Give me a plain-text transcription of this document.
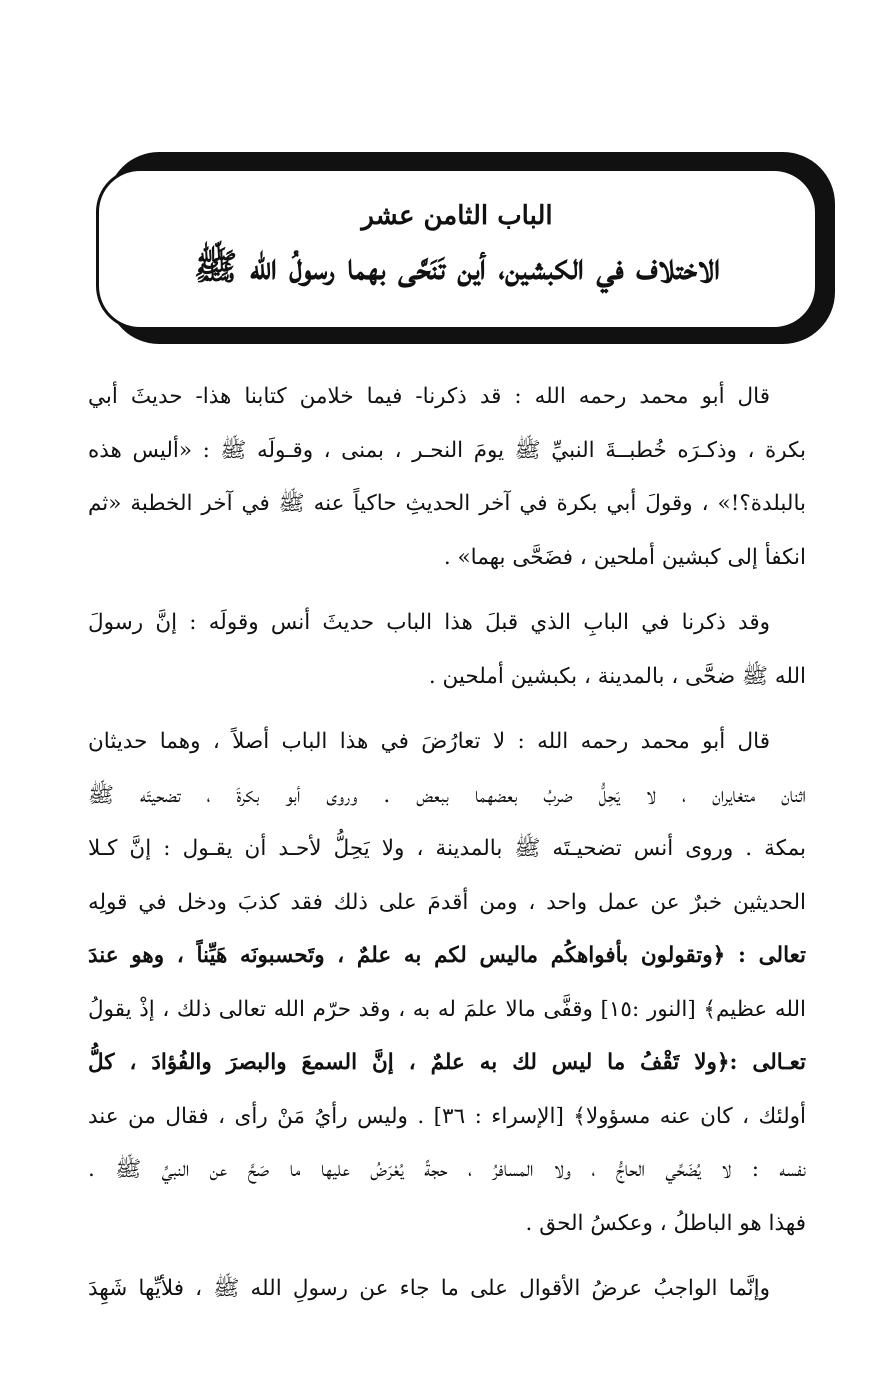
الباب الثامن عشر
الاختلاف في الكبشين، أين تَنَحَّى بهما رسولُ الله ﷺ

قال أبو محمد رحمه الله : قد ذكرنا- فيما خلامن كتابنا هذا- حديثَ أبي
بكرة ، وذكـرَه خُطبــةَ النبيِّ ﷺ يومَ النحـر ، بمنى ، وقـولَه ﷺ : «أليس هذه
بالبلدة؟!» ، وقولَ أبي بكرة في آخر الحديثِ حاكياً عنه ﷺ في آخر الخطبة «ثم
انكفأ إلى كبشين أملحين ، فضَحَّى بهما» .

وقد ذكرنا في البابِ الذي قبلَ هذا الباب حديثَ أنس وقولَه : إنَّ رسولَ
الله ﷺ ضحَّى ، بالمدينة ، بكبشين أملحين .

قال أبو محمد رحمه الله : لا تعارُضَ في هذا الباب أصلاً ، وهما حديثان
اثنان متغايران ، لا يَحِلُّ ضربُ بعضهما ببعض . وروى أبو بكرةَ ، تضحيتَه ﷺ
بمكة . وروى أنس تضحيـتَه ﷺ بالمدينة ، ولا يَحِلُّ لأحـد أن يقـول : إنَّ كـلا
الحديثين خبرٌ عن عمل واحد ، ومن أقدمَ على ذلك فقد كذبَ ودخل في قولِه
تعالى : ﴿وتقولون بأفواهكُم ماليس لكم به علمٌ ، وتَحسبونَه هَيِّناً ، وهو عندَ
الله عظيم﴾ [النور :١٥] وقفَّى مالا علمَ له به ، وقد حرّم الله تعالى ذلك ، إذْ يقولُ
تعـالى :﴿ولا تَقْفُ ما ليس لك به علمٌ ، إنَّ السمعَ والبصرَ والفُؤادَ ، كلُّ
أولئك ، كان عنه مسؤولا﴾ [الإسراء : ٣٦] . وليس رأيُ مَنْ رأى ، فقال من عند
نفسه : لا يُضَحِّي الحاجُّ ، ولا المسافرُ ، حجةً يُعْرَضُ عليها ما صَحَّ عن النبيِّ ﷺ .
فهذا هو الباطلُ ، وعكسُ الحق .

وإنَّما الواجبُ عرضُ الأقوال على ما جاء عن رسولِ الله ﷺ ، فلأيِّها شَهِدَ
